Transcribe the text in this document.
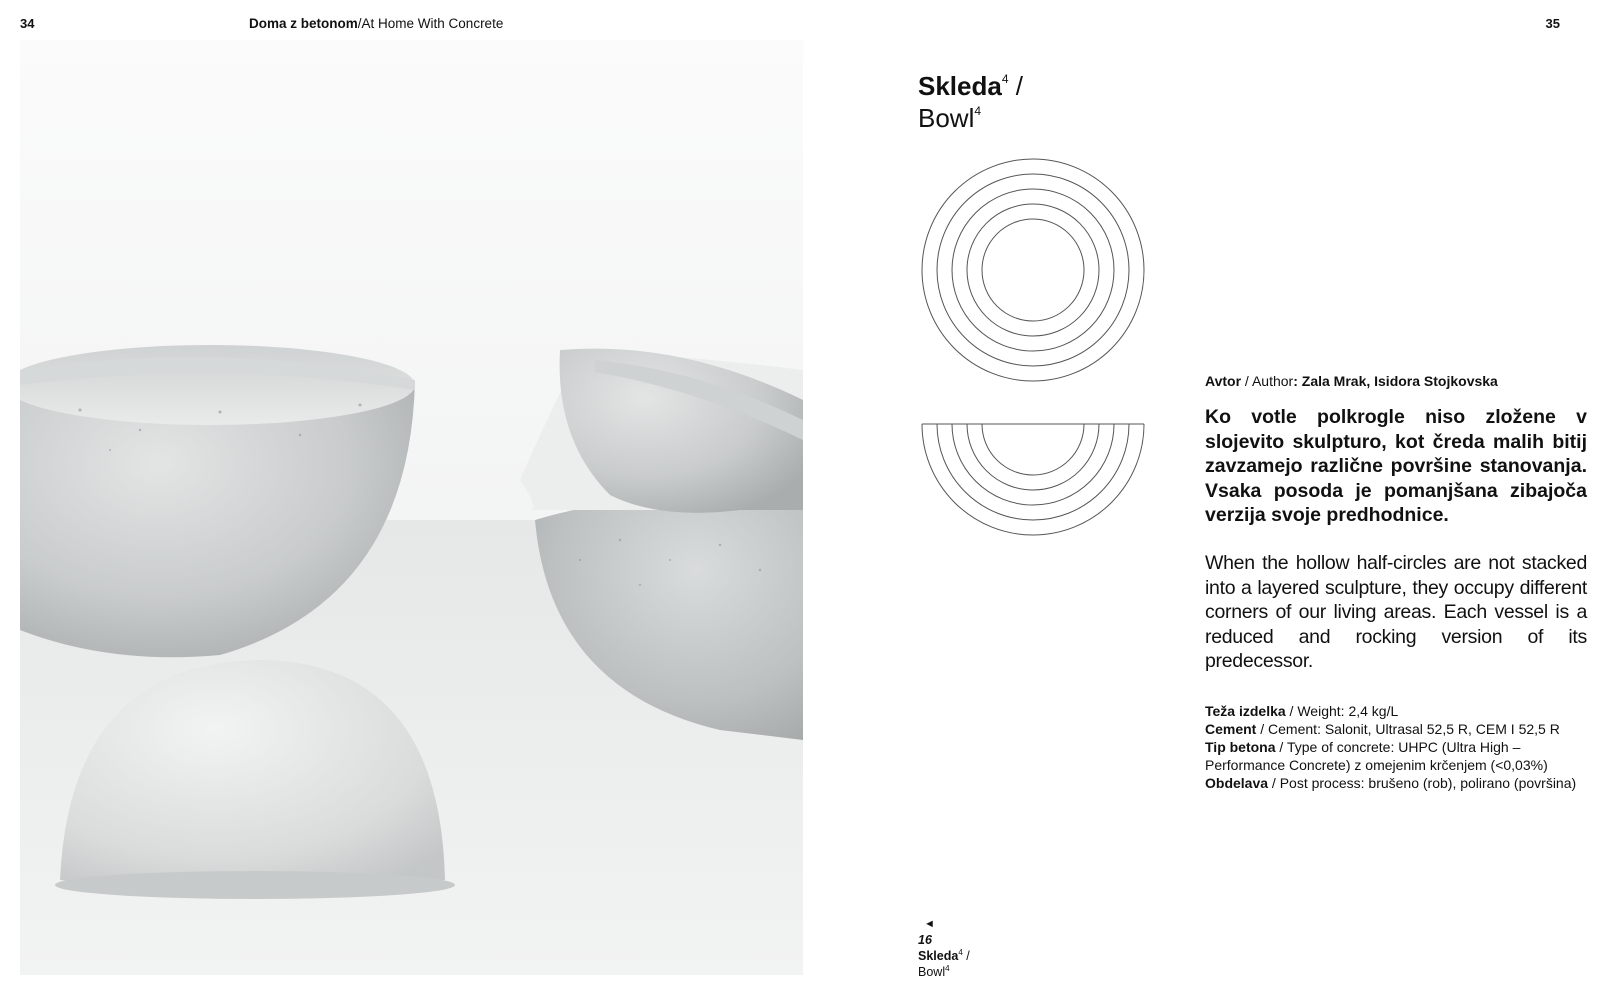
34	Doma z betonom/At Home With Concrete	35
Skleda$^4$ /
Bowl$^4$
Avtor / Author: Zala Mrak, Isidora Stojkovska
Ko votle polkrogle niso zložene v slojevito skulpturo, kot čreda malih bitij zavzamejo različne površine stanovanja. Vsaka posoda je pomanjšana zibajoča verzija svoje predhodnice.
When the hollow half-circles are not stacked into a layered sculpture, they occupy different corners of our living areas. Each vessel is a reduced and rocking version of its predecessor.
Teža izdelka / Weight: 2,4 kg/L
Cement / Cement: Salonit, Ultrasal 52,5 R, CEM I 52,5 R
Tip betona / Type of concrete: UHPC (Ultra High – Performance Concrete) z omejenim krčenjem (<0,03%)
Obdelava / Post process: brušeno (rob), polirano (površina)
◄
16
Skleda$^4$ /
Bowl$^4$
